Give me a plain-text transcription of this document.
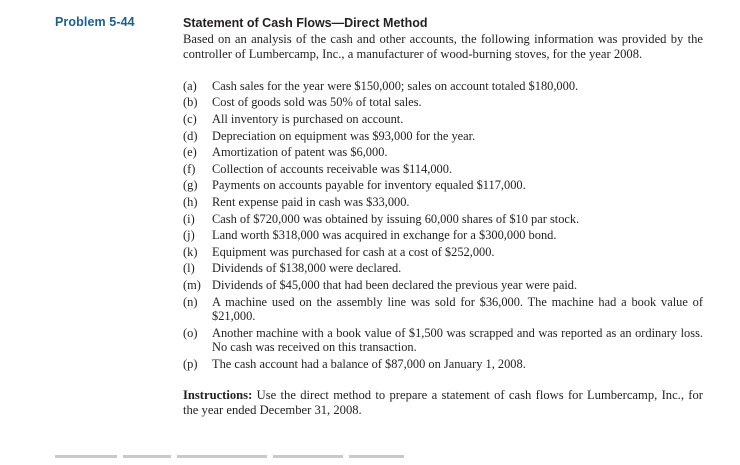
Problem 5-44	Statement of Cash Flows—Direct Method

Based on an analysis of the cash and other accounts, the following information was provided by the controller of Lumbercamp, Inc., a manufacturer of wood-burning stoves, for the year 2008.

(a) Cash sales for the year were $150,000; sales on account totaled $180,000.
(b) Cost of goods sold was 50% of total sales.
(c) All inventory is purchased on account.
(d) Depreciation on equipment was $93,000 for the year.
(e) Amortization of patent was $6,000.
(f) Collection of accounts receivable was $114,000.
(g) Payments on accounts payable for inventory equaled $117,000.
(h) Rent expense paid in cash was $33,000.
(i) Cash of $720,000 was obtained by issuing 60,000 shares of $10 par stock.
(j) Land worth $318,000 was acquired in exchange for a $300,000 bond.
(k) Equipment was purchased for cash at a cost of $252,000.
(l) Dividends of $138,000 were declared.
(m) Dividends of $45,000 that had been declared the previous year were paid.
(n) A machine used on the assembly line was sold for $36,000. The machine had a book value of $21,000.
(o) Another machine with a book value of $1,500 was scrapped and was reported as an ordinary loss. No cash was received on this transaction.
(p) The cash account had a balance of $87,000 on January 1, 2008.

Instructions: Use the direct method to prepare a statement of cash flows for Lumbercamp, Inc., for the year ended December 31, 2008.
